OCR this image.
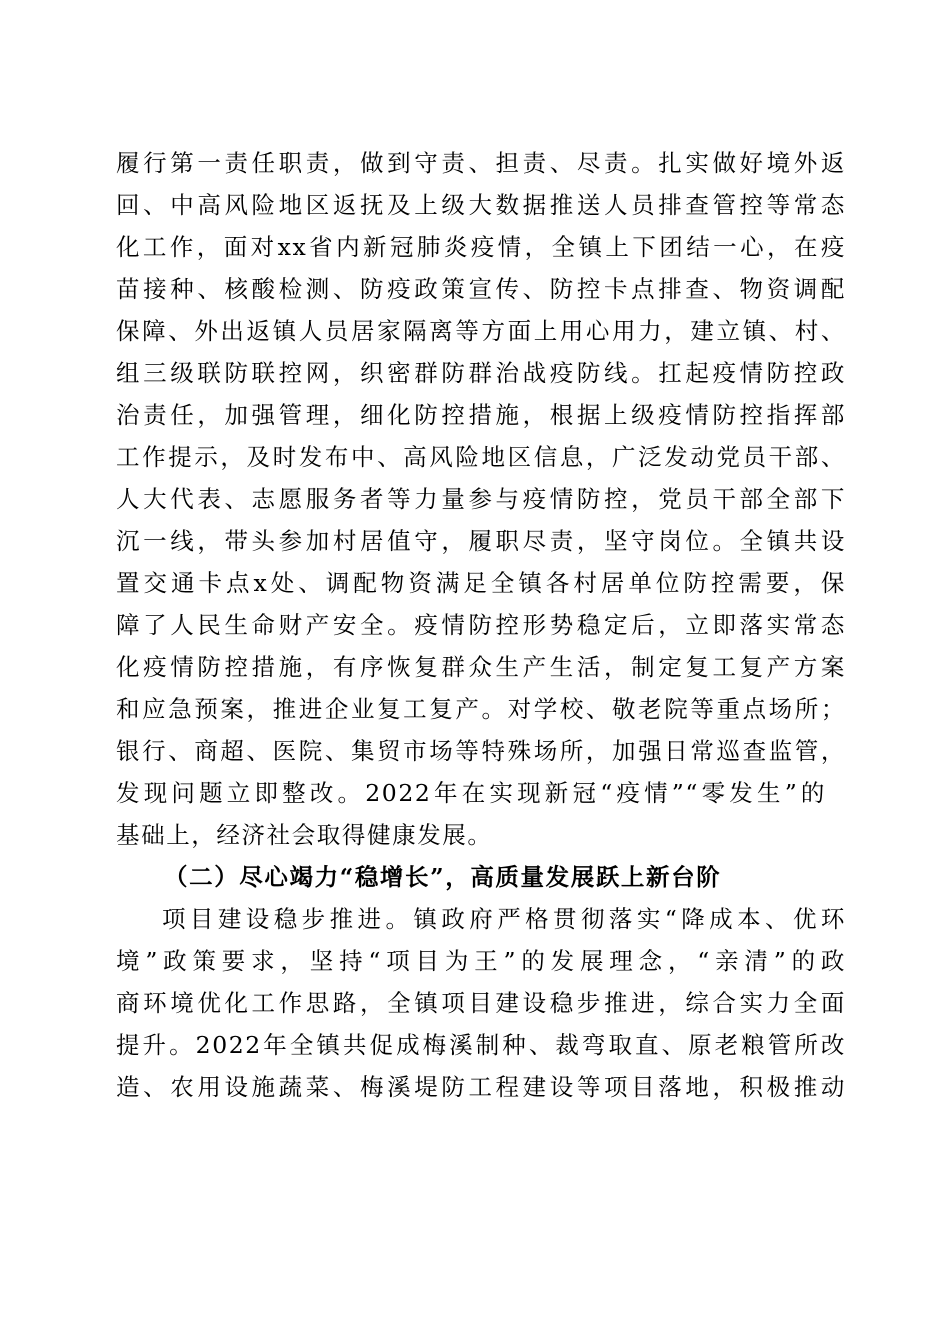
履行第一责任职责，做到守责、担责、尽责。扎实做好境外返
回、中高风险地区返抚及上级大数据推送人员排查管控等常态
化工作，面对xx省内新冠肺炎疫情，全镇上下团结一心，在疫
苗接种、核酸检测、防疫政策宣传、防控卡点排查、物资调配
保障、外出返镇人员居家隔离等方面上用心用力，建立镇、村、
组三级联防联控网，织密群防群治战疫防线。扛起疫情防控政
治责任，加强管理，细化防控措施，根据上级疫情防控指挥部
工作提示，及时发布中、高风险地区信息，广泛发动党员干部、
人大代表、志愿服务者等力量参与疫情防控，党员干部全部下
沉一线，带头参加村居值守，履职尽责，坚守岗位。全镇共设
置交通卡点x处、调配物资满足全镇各村居单位防控需要，保
障了人民生命财产安全。疫情防控形势稳定后，立即落实常态
化疫情防控措施，有序恢复群众生产生活，制定复工复产方案
和应急预案，推进企业复工复产。对学校、敬老院等重点场所；
银行、商超、医院、集贸市场等特殊场所，加强日常巡查监管，
发现问题立即整改。2022年在实现新冠“疫情”“零发生”的
基础上，经济社会取得健康发展。
（二）尽心竭力“稳增长”，高质量发展跃上新台阶
项目建设稳步推进。镇政府严格贯彻落实“降成本、优环
境”政策要求，坚持“项目为王”的发展理念，“亲清”的政
商环境优化工作思路，全镇项目建设稳步推进，综合实力全面
提升。2022年全镇共促成梅溪制种、裁弯取直、原老粮管所改
造、农用设施蔬菜、梅溪堤防工程建设等项目落地，积极推动
